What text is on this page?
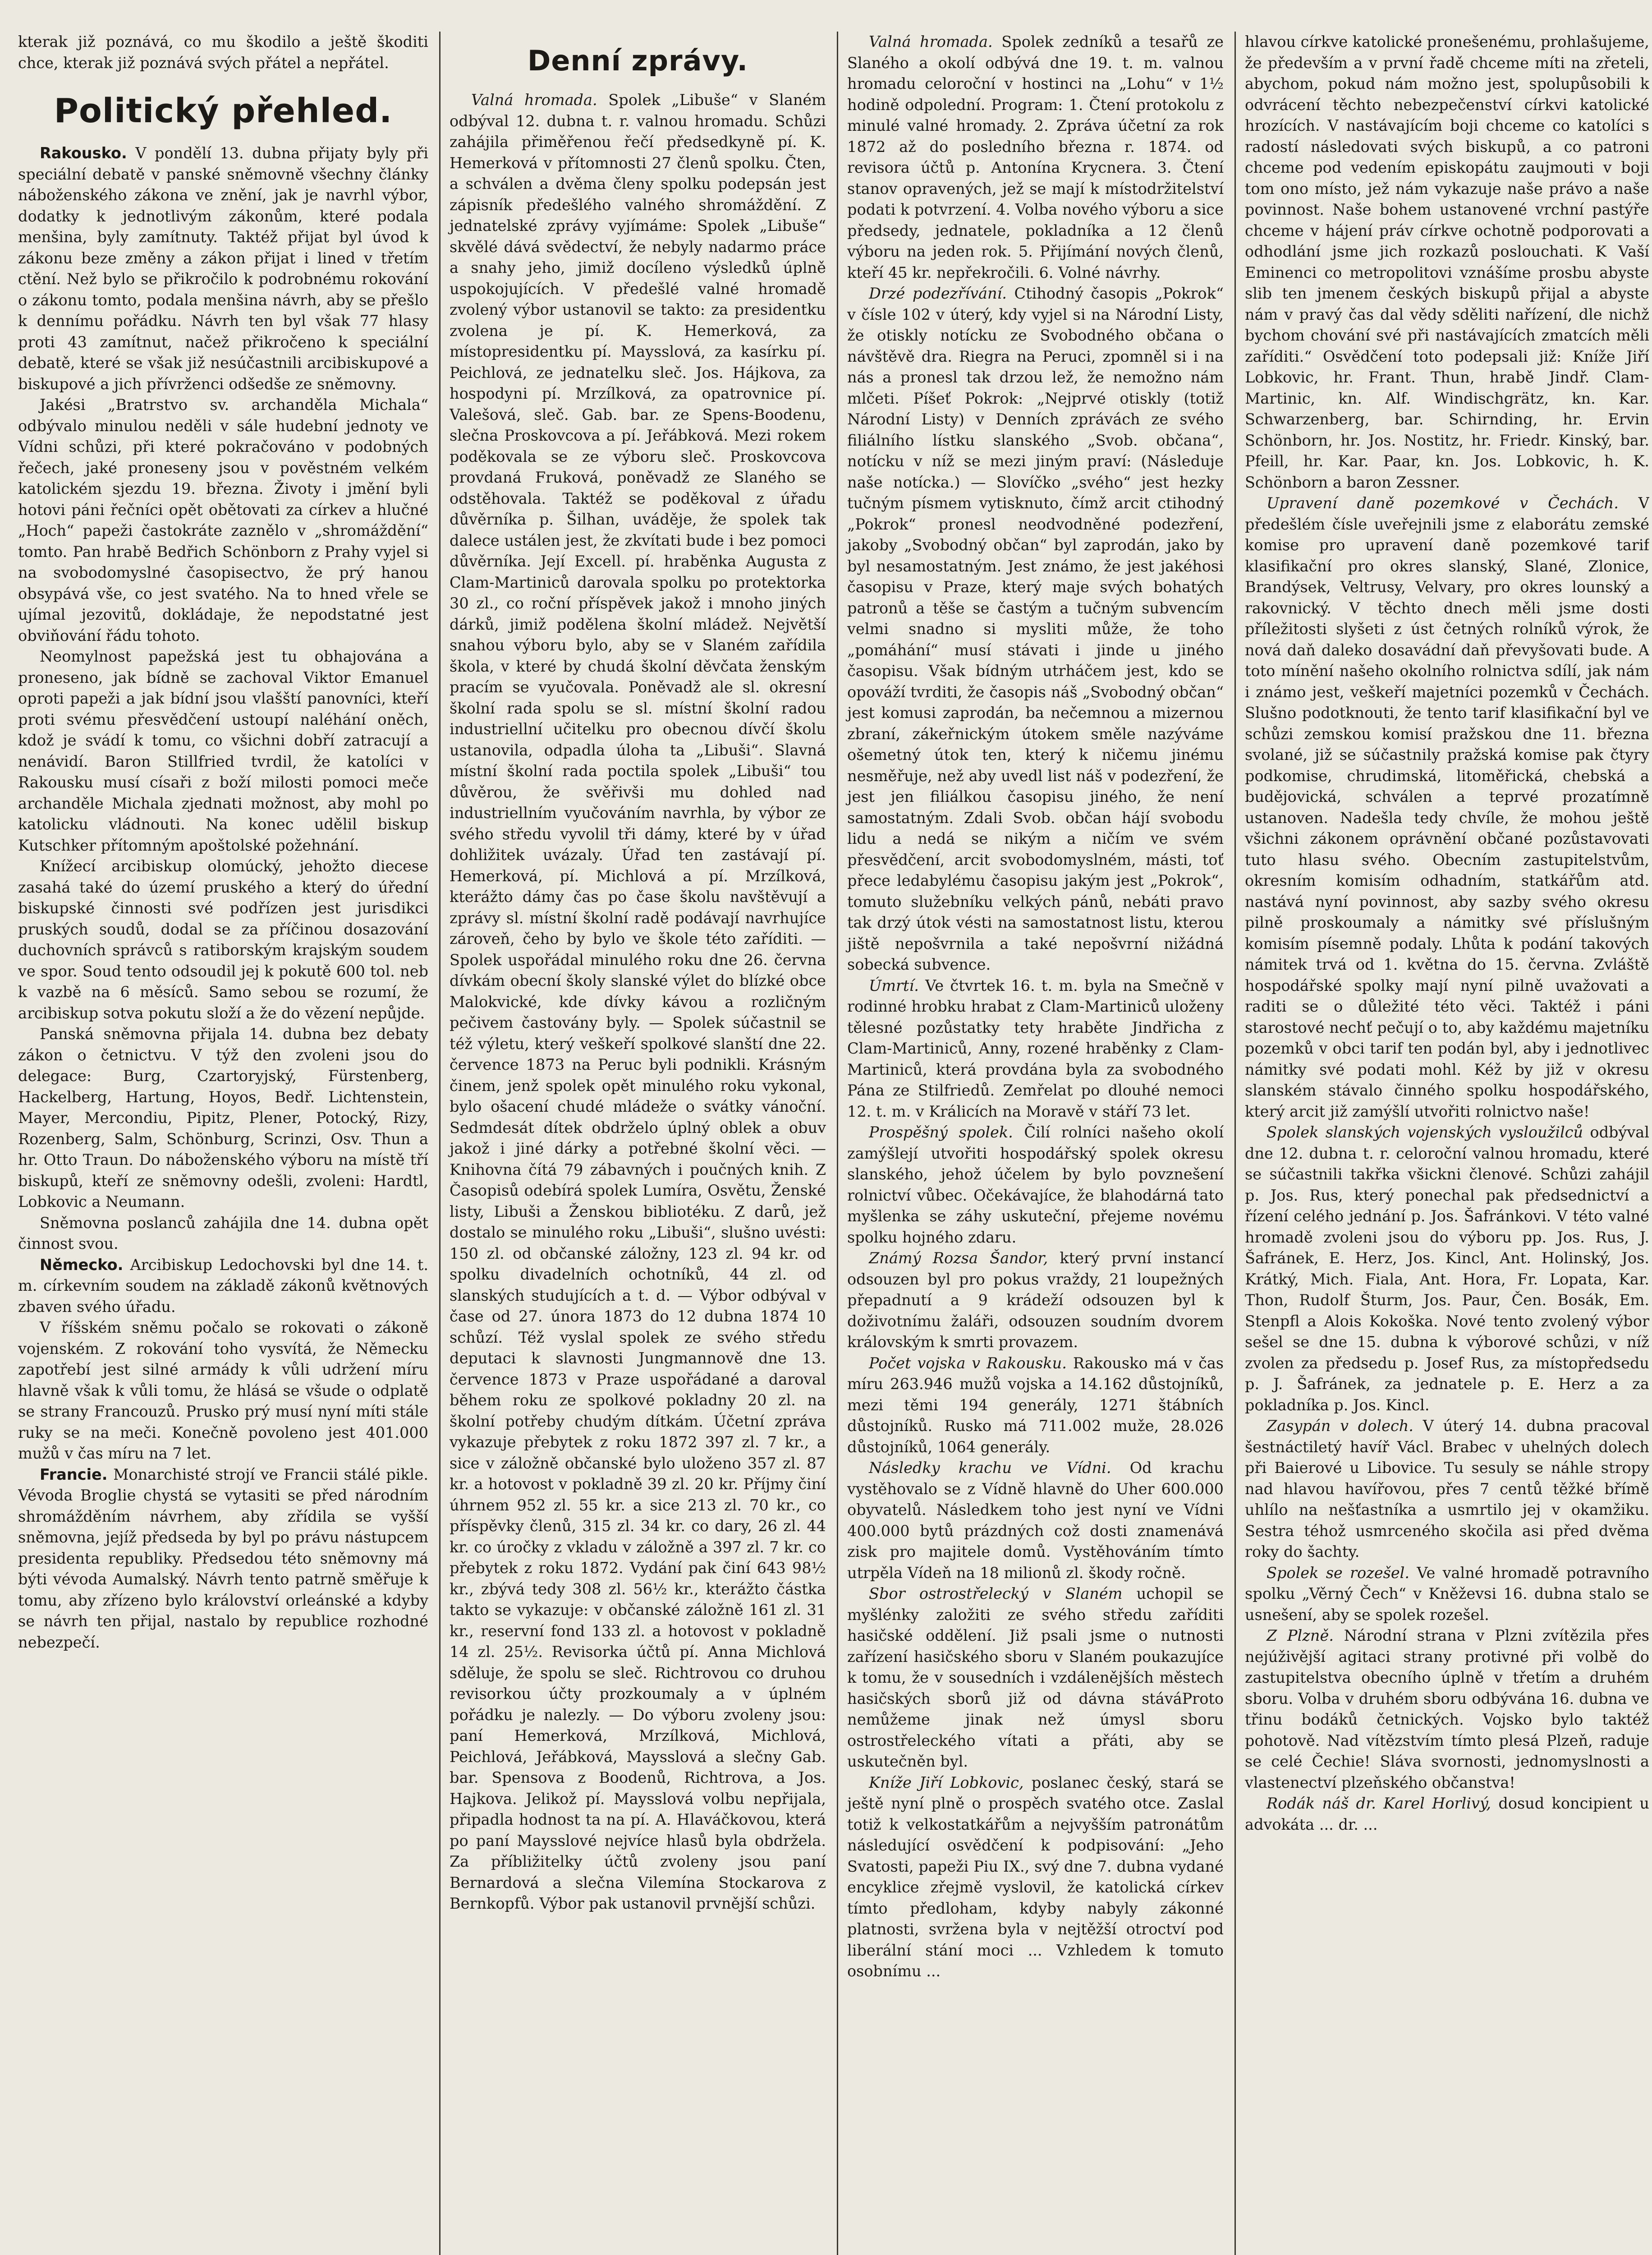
kterak již poznává, co mu škodilo a ještě škoditi chce, kterak již poznává svých přátel a nepřátel.

Politický přehled.

Rakousko. V pondělí 13. dubna přijaty byly při speciální debatě v panské sněmovně všechny články náboženského zákona ve znění, jak je navrhl výbor, dodatky k jednotlivým zákonům, které podala menšina, byly zamítnuty. Taktéž přijat byl úvod k zákonu beze změny a zákon přijat i lined v třetím ctění. Než bylo se přikročilo k podrobnému rokování o zákonu tomto, podala menšina návrh, aby se přešlo k dennímu pořádku. Návrh ten byl však 77 hlasy proti 43 zamítnut, načež přikročeno k speciální debatě, které se však již nesúčastnili arcibiskupové a biskupové a jich přívrženci odšedše ze sněmovny.

Jakési „Bratrstvo sv. archanděla Michala“ odbývalo minulou neděli v sále hudební jednoty ve Vídni schůzi, při které pokračováno v podobných řečech, jaké proneseny jsou v pověstném velkém katolickém sjezdu 19. března. Životy i jmění byli hotovi páni řečníci opět obětovati za církev a hlučné „Hoch“ papeži častokráte zaznělo v „shromáždění“ tomto. Pan hrabě Bedřich Schönborn z Prahy vyjel si na svobodomyslné časopisectvo, že prý hanou obsypává vše, co jest svatého. Na to hned vřele se ujímal jezovitů, dokládaje, že nepodstatné jest obviňování řádu tohoto.

Neomylnost papežská jest tu obhajována a proneseno, jak bídně se zachoval Viktor Emanuel oproti papeži a jak bídní jsou vlašští panovníci, kteří proti svému přesvědčení ustoupí naléhání oněch, kdož je svádí k tomu, co všichni dobří zatracují a nenávidí. Baron Stillfried tvrdil, že katolíci v Rakousku musí císaři z boží milosti pomoci meče archanděle Michala zjednati možnost, aby mohl po katolicku vládnouti. Na konec udělil biskup Kutschker přítomným apoštolské požehnání.

Knížecí arcibiskup olomúcký, jehožto diecese zasahá také do území pruského a který do úřední biskupské činnosti své podřízen jest jurisdikci pruských soudů, dodal se za příčinou dosazování duchovních správců s ratiborským krajským soudem ve spor. Soud tento odsoudil jej k pokutě 600 tol. neb k vazbě na 6 měsíců. Samo sebou se rozumí, že arcibiskup sotva pokutu složí a že do vězení nepůjde.

Panská sněmovna přijala 14. dubna bez debaty zákon o četnictvu. V týž den zvoleni jsou do delegace: Burg, Czartoryjský, Fürstenberg, Hackelberg, Hartung, Hoyos, Bedř. Lichtenstein, Mayer, Mercondiu, Pipitz, Plener, Potocký, Rizy, Rozenberg, Salm, Schönburg, Scrinzi, Osv. Thun a hr. Otto Traun. Do náboženského výboru na místě tří biskupů, kteří ze sněmovny odešli, zvoleni: Hardtl, Lobkovic a Neumann.

Sněmovna poslanců zahájila dne 14. dubna opět činnost svou.

Německo. Arcibiskup Ledochovski byl dne 14. t. m. církevním soudem na základě zákonů květnových zbaven svého úřadu.

V říšském sněmu počalo se rokovati o zákoně vojenském. Z rokování toho vysvítá, že Německu zapotřebí jest silné armády k vůli udržení míru hlavně však k vůli tomu, že hlásá se všude o odplatě se strany Francouzů. Prusko prý musí nyní míti stále ruky se na meči. Konečně povoleno jest 401.000 mužů v čas míru na 7 let.

Francie. Monarchisté strojí ve Francii stálé pikle. Vévoda Broglie chystá se vytasiti se před národním shromážděním návrhem, aby zřídila se vyšší sněmovna, jejíž předseda by byl po právu nástupcem presidenta republiky. Předsedou této sněmovny má býti vévoda Aumalský. Návrh tento patrně směřuje k tomu, aby zřízeno bylo království orleánské a kdyby se návrh ten přijal, nastalo by republice rozhodné nebezpečí.

Denní zprávy.

Valná hromada. Spolek „Libuše“ v Slaném odbýval 12. dubna t. r. valnou hromadu. Schůzi zahájila přiměřenou řečí předsedkyně pí. K. Hemerková v přítomnosti 27 členů spolku. Čten, a schválen a dvěma členy spolku podepsán jest zápisník předešlého valného shromáždění. Z jednatelské zprávy vyjímáme: Spolek „Libuše“ skvělé dává svědectví, že nebyly nadarmo práce a snahy jeho, jimiž docíleno výsledků úplně uspokojujících. V předešlé valné hromadě zvolený výbor ustanovil se takto: za presidentku zvolena je pí. K. Hemerková, za místopresidentku pí. Maysslová, za kasírku pí. Peichlová, ze jednatelku sleč. Jos. Hájkova, za hospodyni pí. Mrzílková, za opatrovnice pí. Valešová, sleč. Gab. bar. ze Spens-Boodenu, slečna Proskovcova a pí. Jeřábková. Mezi rokem poděkovala se ze výboru sleč. Proskovcova provdaná Fruková, poněvadž ze Slaného se odstěhovala. Taktéž se poděkoval z úřadu důvěrníka p. Šilhan, uváděje, že spolek tak dalece ustálen jest, že zkvítati bude i bez pomoci důvěrníka. Její Excell. pí. hraběnka Augusta z Clam-Martiniců darovala spolku po protektorka 30 zl., co roční příspěvek jakož i mnoho jiných dárků, jimiž podělena školní mládež. Největší snahou výboru bylo, aby se v Slaném zařídila škola, v které by chudá školní děvčata ženským pracím se vyučovala. Poněvadž ale sl. okresní školní rada spolu se sl. místní školní radou industriellní učitelku pro obecnou dívčí školu ustanovila, odpadla úloha ta „Libuši“. Slavná místní školní rada poctila spolek „Libuši“ tou důvěrou, že svěřivši mu dohled nad industriellním vyučováním navrhla, by výbor ze svého středu vyvolil tři dámy, které by v úřad dohližitek uvázaly. Úřad ten zastávají pí. Hemerková, pí. Michlová a pí. Mrzílková, kterážto dámy čas po čase školu navštěvují a zprávy sl. místní školní radě podávají navrhujíce zároveň, čeho by bylo ve škole této zaříditi. — Spolek uspořádal minulého roku dne 26. června dívkám obecní školy slanské výlet do blízké obce Malokvické, kde dívky kávou a rozličným pečivem častovány byly. — Spolek súčastnil se též výletu, který veškeří spolkové slanští dne 22. července 1873 na Peruc byli podnikli. Krásným činem, jenž spolek opět minulého roku vykonal, bylo ošacení chudé mládeže o svátky vánoční. Sedmdesát dítek obdrželo úplný oblek a obuv jakož i jiné dárky a potřebné školní věci. — Knihovna čítá 79 zábavných i poučných knih. Z Časopisů odebírá spolek Lumíra, Osvětu, Ženské listy, Libuši a Ženskou bibliotéku. Z darů, jež dostalo se minulého roku „Libuši“, slušno uvésti: 150 zl. od občanské záložny, 123 zl. 94 kr. od spolku divadelních ochotníků, 44 zl. od slanských studujících a t. d. — Výbor odbýval v čase od 27. února 1873 do 12 dubna 1874 10 schůzí. Též vyslal spolek ze svého středu deputaci k slavnosti Jungmannově dne 13. července 1873 v Praze uspořádané a daroval během roku ze spolkové pokladny 20 zl. na školní potřeby chudým dítkám. Účetní zpráva vykazuje přebytek z roku 1872 397 zl. 7 kr., a sice v záložně občanské bylo uloženo 357 zl. 87 kr. a hotovost v pokladně 39 zl. 20 kr. Příjmy činí úhrnem 952 zl. 55 kr. a sice 213 zl. 70 kr., co příspěvky členů, 315 zl. 34 kr. co dary, 26 zl. 44 kr. co úročky z vkladu v záložně a 397 zl. 7 kr. co přebytek z roku 1872. Vydání pak činí 643 98½ kr., zbývá tedy 308 zl. 56½ kr., kterážto částka takto se vykazuje: v občanské záložně 161 zl. 31 kr., reservní fond 133 zl. a hotovost v pokladně 14 zl. 25½. Revisorka účtů pí. Anna Michlová sděluje, že spolu se sleč. Richtrovou co druhou revisorkou účty prozkoumaly a v úplném pořádku je nalezly. — Do výboru zvoleny jsou: paní Hemerková, Mrzílková, Michlová, Peichlová, Jeřábková, Maysslová a slečny Gab. bar. Spensova z Boodenů, Richtrova, a Jos. Hajkova. Jelikož pí. Maysslová volbu nepřijala, připadla hodnost ta na pí. A. Hlaváčkovou, která po paní Maysslové nejvíce hlasů byla obdržela. Za příbližitelky účtů zvoleny jsou paní Bernardová a slečna Vilemína Stockarova z Bernkopfů. Výbor pak ustanovil prvnější schůzi.

Valná hromada. Spolek zedníků a tesařů ze Slaného a okolí odbývá dne 19. t. m. valnou hromadu celoroční v hostinci na „Lohu“ v 1½ hodině odpolední. Program: 1. Čtení protokolu z minulé valné hromady. 2. Zpráva účetní za rok 1872 až do posledního března r. 1874. od revisora účtů p. Antonína Krycnera. 3. Čtení stanov opravených, jež se mají k místodržitelství podati k potvrzení. 4. Volba nového výboru a sice předsedy, jednatele, pokladníka a 12 členů výboru na jeden rok. 5. Přijímání nových členů, kteří 45 kr. nepřekročili. 6. Volné návrhy.

Drzé podezřívání. Ctihodný časopis „Pokrok“ v čísle 102 v úterý, kdy vyjel si na Národní Listy, že otiskly notícku ze Svobodného občana o návštěvě dra. Riegra na Peruci, zpomněl si i na nás a pronesl tak drzou lež, že nemožno nám mlčeti. Píšeť Pokrok: „Nejprvé otiskly (totiž Národní Listy) v Denních zprávách ze svého filiálního lístku slanského „Svob. občana“, notícku v níž se mezi jiným praví: (Následuje naše notícka.) — Slovíčko „svého“ jest hezky tučným písmem vytisknuto, čímž arcit ctihodný „Pokrok“ pronesl neodvodněné podezření, jakoby „Svobodný občan“ byl zaprodán, jako by byl nesamostatným. Jest známo, že jest jakéhosi časopisu v Praze, který maje svých bohatých patronů a těše se častým a tučným subvencím velmi snadno si mysliti může, že toho „pomáhání“ musí stávati i jinde u jiného časopisu. Však bídným utrháčem jest, kdo se opováží tvrditi, že časopis náš „Svobodný občan“ jest komusi zaprodán, ba nečemnou a mizernou zbraní, zákeřnickým útokem směle nazýváme ošemetný útok ten, který k ničemu jinému nesměřuje, než aby uvedl list náš v podezření, že jest jen filiálkou časopisu jiného, že není samostatným. Zdali Svob. občan hájí svobodu lidu a nedá se nikým a ničím ve svém přesvědčení, arcit svobodomyslném, másti, toť přece ledabylému časopisu jakým jest „Pokrok“, tomuto služebníku velkých pánů, nebáti pravo tak drzý útok vésti na samostatnost listu, kterou jiště nepošvrnila a také nepošvrní nižádná sobecká subvence.

Úmrtí. Ve čtvrtek 16. t. m. byla na Smečně v rodinné hrobku hrabat z Clam-Martiniců uloženy tělesné pozůstatky tety hraběte Jindřicha z Clam-Martiniců, Anny, rozené hraběnky z Clam-Martiniců, která provdána byla za svobodného Pána ze Stilfriedů. Zemřelat po dlouhé nemoci 12. t. m. v Králicích na Moravě v stáří 73 let.

Prospěšný spolek. Čilí rolníci našeho okolí zamýšlejí utvořiti hospodářský spolek okresu slanského, jehož účelem by bylo povznešení rolnictví vůbec. Očekávajíce, že blahodárná tato myšlenka se záhy uskuteční, přejeme novému spolku hojného zdaru.

Známý Rozsa Šandor, který první instancí odsouzen byl pro pokus vraždy, 21 loupežných přepadnutí a 9 krádeží odsouzen byl k doživotnímu žaláři, odsouzen soudním dvorem královským k smrti provazem.

Počet vojska v Rakousku. Rakousko má v čas míru 263.946 mužů vojska a 14.162 důstojníků, mezi těmi 194 generály, 1271 štábních důstojníků. Rusko má 711.002 muže, 28.026 důstojníků, 1064 generály.

Následky krachu ve Vídni. Od krachu vystěhovalo se z Vídně hlavně do Uher 600.000 obyvatelů. Následkem toho jest nyní ve Vídni 400.000 bytů prázdných což dosti znamenává zisk pro majitele domů. Vystěhováním tímto utrpěla Vídeň na 18 milionů zl. škody ročně.

Sbor ostrostřelecký v Slaném uchopil se myšlénky založiti ze svého středu zaříditi hasičské oddělení. Již psali jsme o nutnosti zařízení hasičského sboru v Slaném poukazujíce k tomu, že v sousedních i vzdálenějších městech hasičských sborů již od dávna stáváProto nemůžeme jinak než úmysl sboru ostrostřeleckého vítati a přáti, aby se uskutečněn byl.

Kníže Jiří Lobkovic, poslanec český, stará se ještě nyní plně o prospěch svatého otce. Zaslal totiž k velkostatkářům a nejvyšším patronátům následující osvědčení k podpisování: „Jeho Svatosti, papeži Piu IX., svý dne 7. dubna vydané encyklice zřejmě vyslovil, že katolická církev tímto předloham, kdyby nabyly zákonné platnosti, svržena byla v nejtěžší otroctví pod liberální stání moci ... Vzhledem k tomuto osobnímu ...

hlavou církve katolické pronešenému, prohlašujeme, že především a v první řadě chceme míti na zřeteli, abychom, pokud nám možno jest, spolupůsobili k odvrácení těchto nebezpečenství církvi katolické hrozících. V nastávajícím boji chceme co katolíci s radostí následovati svých biskupů, a co patroni chceme pod vedením episkopátu zaujmouti v boji tom ono místo, jež nám vykazuje naše právo a naše povinnost. Naše bohem ustanovené vrchní pastýře chceme v hájení práv církve ochotně podporovati a odhodlání jsme jich rozkazů poslouchati. K Vaší Eminenci co metropolitovi vznášíme prosbu abyste slib ten jmenem českých biskupů přijal a abyste nám v pravý čas dal vědy sděliti nařízení, dle nichž bychom chování své při nastávajících zmatcích měli zaříditi.“ Osvědčení toto podepsali již: Kníže Jiří Lobkovic, hr. Frant. Thun, hrabě Jindř. Clam-Martinic, kn. Alf. Windischgrätz, kn. Kar. Schwarzenberg, bar. Schirnding, hr. Ervin Schönborn, hr. Jos. Nostitz, hr. Friedr. Kinský, bar. Pfeill, hr. Kar. Paar, kn. Jos. Lobkovic, h. K. Schönborn a baron Zessner.

Upravení daně pozemkové v Čechách. V předešlém čísle uveřejnili jsme z elaborátu zemské komise pro upravení daně pozemkové tarif klasifikační pro okres slanský, Slané, Zlonice, Brandýsek, Veltrusy, Velvary, pro okres lounský a rakovnický. V těchto dnech měli jsme dosti příležitosti slyšeti z úst četných rolníků výrok, že nová daň daleko dosavádní daň převyšovati bude. A toto mínění našeho okolního rolnictva sdílí, jak nám i známo jest, veškeří majetníci pozemků v Čechách. Slušno podotknouti, že tento tarif klasifikační byl ve schůzi zemskou komisí pražskou dne 11. března svolané, již se súčastnily pražská komise pak čtyry podkomise, chrudimská, litoměřická, chebská a budějovická, schválen a teprvé prozatímně ustanoven. Nadešla tedy chvíle, že mohou ještě všichni zákonem oprávnění občané pozůstavovati tuto hlasu svého. Obecním zastupitelstvům, okresním komisím odhadním, statkářům atd. nastává nyní povinnost, aby sazby svého okresu pilně proskoumaly a námitky své příslušným komisím písemně podaly. Lhůta k podání takových námitek trvá od 1. května do 15. června. Zvláště hospodářské spolky mají nyní pilně uvažovati a raditi se o důležité této věci. Taktéž i páni starostové nechť pečují o to, aby každému majetníku pozemků v obci tarif ten podán byl, aby i jednotlivec námitky své podati mohl. Kéž by již v okresu slanském stávalo činného spolku hospodářského, který arcit již zamýšlí utvořiti rolnictvo naše!

Spolek slanských vojenských vysloužilců odbýval dne 12. dubna t. r. celoroční valnou hromadu, které se súčastnili takřka všickni členové. Schůzi zahájil p. Jos. Rus, který ponechal pak předsednictví a řízení celého jednání p. Jos. Šafránkovi. V této valné hromadě zvoleni jsou do výboru pp. Jos. Rus, J. Šafránek, E. Herz, Jos. Kincl, Ant. Holinský, Jos. Krátký, Mich. Fiala, Ant. Hora, Fr. Lopata, Kar. Thon, Rudolf Šturm, Jos. Paur, Čen. Bosák, Em. Stenpfl a Alois Kokoška. Nové tento zvolený výbor sešel se dne 15. dubna k výborové schůzi, v níž zvolen za předsedu p. Josef Rus, za místopředsedu p. J. Šafránek, za jednatele p. E. Herz a za pokladníka p. Jos. Kincl.

Zasypán v dolech. V úterý 14. dubna pracoval šestnáctiletý havíř Václ. Brabec v uhelných dolech při Baierové u Libovice. Tu sesuly se náhle stropy nad hlavou havířovou, přes 7 centů těžké břímě uhlílo na nešťastníka a usmrtilo jej v okamžiku. Sestra téhož usmrceného skočila asi před dvěma roky do šachty.

Spolek se rozešel. Ve valné hromadě potravního spolku „Věrný Čech“ v Kněževsi 16. dubna stalo se usnešení, aby se spolek rozešel.

Z Plzně. Národní strana v Plzni zvítězila přes nejúživější agitaci strany protivné při volbě do zastupitelstva obecního úplně v třetím a druhém sboru. Volba v druhém sboru odbývána 16. dubna ve třinu bodáků četnických. Vojsko bylo taktéž pohotově. Nad vítězstvím tímto plesá Plzeň, raduje se celé Čechie! Sláva svornosti, jednomyslnosti a vlastenectví plzeňského občanstva!

Rodák náš dr. Karel Horlivý, dosud koncipient u advokáta ... dr. ...
